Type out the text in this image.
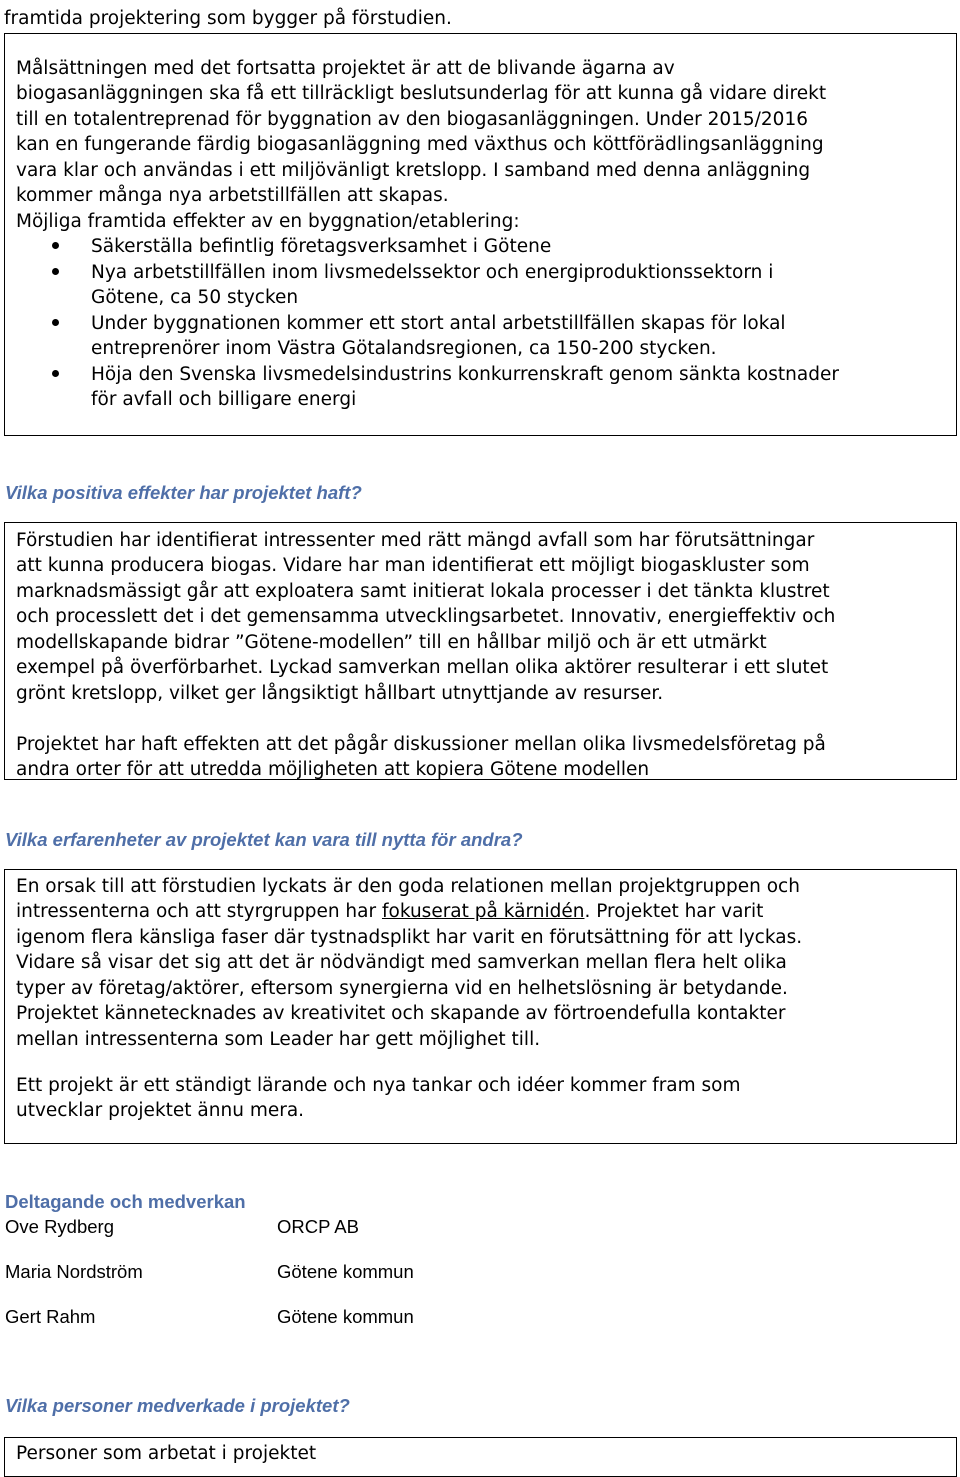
framtida projektering som bygger på förstudien.
Målsättningen med det fortsatta projektet är att de blivande ägarna av
biogasanläggningen ska få ett tillräckligt beslutsunderlag för att kunna gå vidare direkt
till en totalentreprenad för byggnation av den biogasanläggningen. Under 2015/2016
kan en fungerande färdig biogasanläggning med växthus och köttförädlingsanläggning
vara klar och användas i ett miljövänligt kretslopp. I samband med denna anläggning
kommer många nya arbetstillfällen att skapas.
Möjliga framtida effekter av en byggnation/etablering:
Säkerställa befintlig företagsverksamhet i Götene
Nya arbetstillfällen inom livsmedelssektor och energiproduktionssektorn i
Götene, ca 50 stycken
Under byggnationen kommer ett stort antal arbetstillfällen skapas för lokal
entreprenörer inom Västra Götalandsregionen, ca 150-200 stycken.
Höja den Svenska livsmedelsindustrins konkurrenskraft genom sänkta kostnader
för avfall och billigare energi
Vilka positiva effekter har projektet haft?
Förstudien har identifierat intressenter med rätt mängd avfall som har förutsättningar
att kunna producera biogas. Vidare har man identifierat ett möjligt biogaskluster som
marknadsmässigt går att exploatera samt initierat lokala processer i det tänkta klustret
och processlett det i det gemensamma utvecklingsarbetet. Innovativ, energieffektiv och
modellskapande bidrar ”Götene-modellen” till en hållbar miljö och är ett utmärkt
exempel på överförbarhet. Lyckad samverkan mellan olika aktörer resulterar i ett slutet
grönt kretslopp, vilket ger långsiktigt hållbart utnyttjande av resurser.
Projektet har haft effekten att det pågår diskussioner mellan olika livsmedelsföretag på
andra orter för att utredda möjligheten att kopiera Götene modellen
Vilka erfarenheter av projektet kan vara till nytta för andra?
En orsak till att förstudien lyckats är den goda relationen mellan projektgruppen och
intressenterna och att styrgruppen har fokuserat på kärnidén. Projektet har varit
igenom flera känsliga faser där tystnadsplikt har varit en förutsättning för att lyckas.
Vidare så visar det sig att det är nödvändigt med samverkan mellan flera helt olika
typer av företag/aktörer, eftersom synergierna vid en helhetslösning är betydande.
Projektet kännetecknades av kreativitet och skapande av förtroendefulla kontakter
mellan intressenterna som Leader har gett möjlighet till.
Ett projekt är ett ständigt lärande och nya tankar och idéer kommer fram som
utvecklar projektet ännu mera.
Deltagande och medverkan
Ove Rydberg	ORCP AB
Maria Nordström	Götene kommun
Gert Rahm	Götene kommun
Vilka personer medverkade i projektet?
Personer som arbetat i projektet
